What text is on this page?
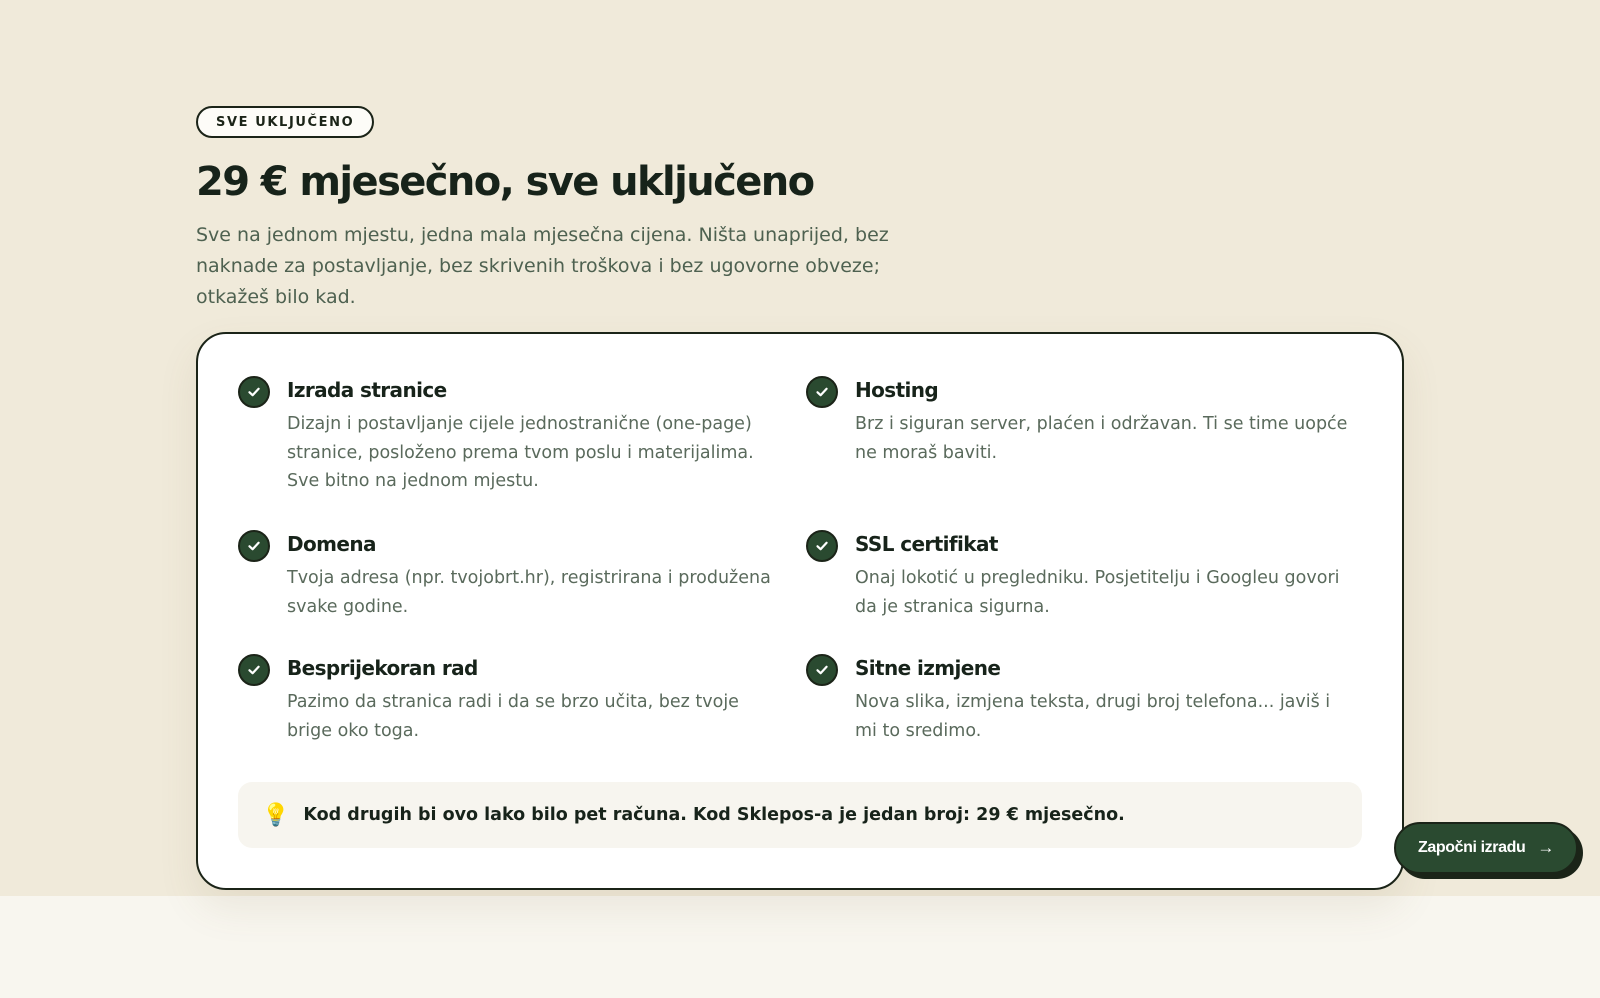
SVE UKLJUČENO
29 € mjesečno, sve uključeno

Sve na jednom mjestu, jedna mala mjesečna cijena. Ništa unaprijed, bez naknade za postavljanje, bez skrivenih troškova i bez ugovorne obveze; otkažeš bilo kad.

Izrada stranice

Dizajn i postavljanje cijele jednostranične (one-page) stranice, posloženo prema tvom poslu i materijalima. Sve bitno na jednom mjestu.

Hosting

Brz i siguran server, plaćen i održavan. Ti se time uopće ne moraš baviti.

Domena

Tvoja adresa (npr. tvojobrt.hr), registrirana i produžena svake godine.

SSL certifikat

Onaj lokotić u pregledniku. Posjetitelju i Googleu govori da je stranica sigurna.

Besprijekoran rad

Pazimo da stranica radi i da se brzo učita, bez tvoje brige oko toga.

Sitne izmjene

Nova slika, izmjena teksta, drugi broj telefona... javiš i mi to sredimo.

💡 Kod drugih bi ovo lako bilo pet računa. Kod Sklepos-a je jedan broj: 29 € mjesečno.
Započni izradu →
